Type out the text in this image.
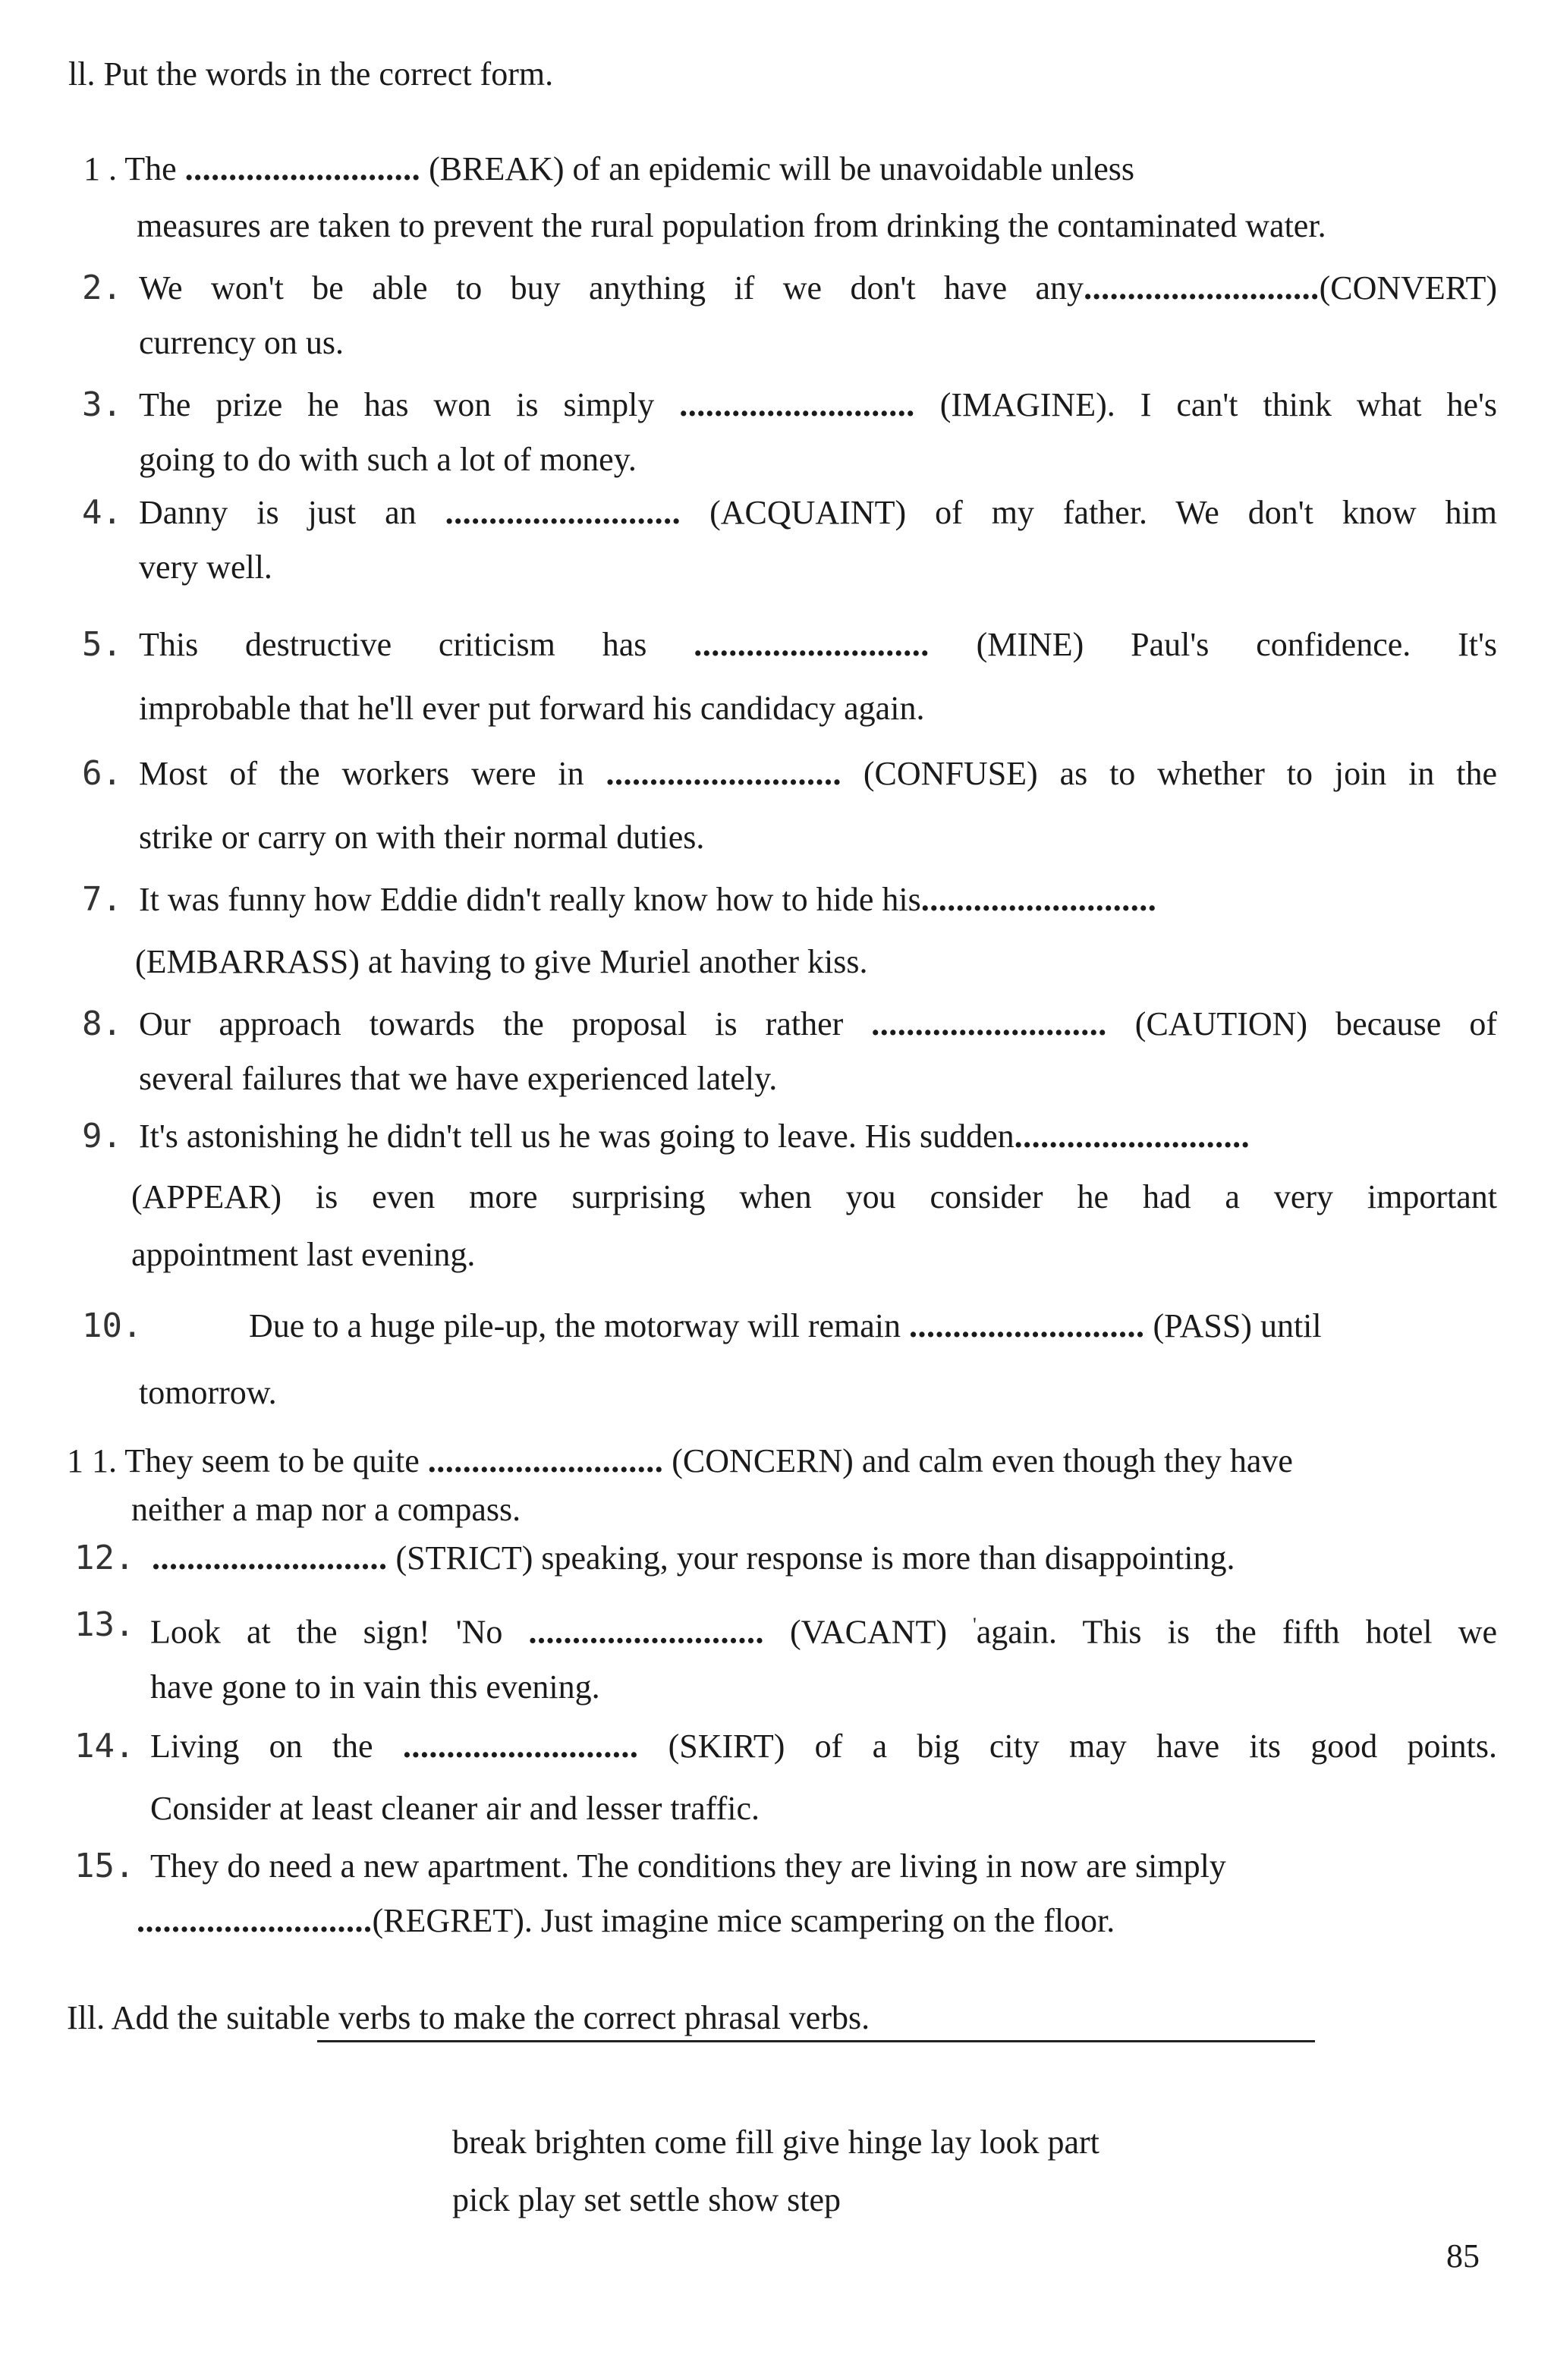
ll. Put the words in the correct form.
1 . The ........................... (BREAK) of an epidemic will be unavoidable unless
measures are taken to prevent the rural population from drinking the contaminated water.
2. We won't be able to buy anything if we don't have any...........................(CONVERT)
currency on us.
3. The prize he has won is simply ........................... (IMAGINE). I can't think what he's
going to do with such a lot of money.
4. Danny is just an ........................... (ACQUAINT) of my father. We don't know him
very well.
5. This destructive criticism has ........................... (MINE) Paul's confidence. It's
improbable that he'll ever put forward his candidacy again.
6. Most of the workers were in ........................... (CONFUSE) as to whether to join in the
strike or carry on with their normal duties.
7. It was funny how Eddie didn't really know how to hide his...........................
(EMBARRASS) at having to give Muriel another kiss.
8. Our approach towards the proposal is rather ........................... (CAUTION) because of
several failures that we have experienced lately.
9. It's astonishing he didn't tell us he was going to leave. His sudden...........................
(APPEAR) is even more surprising when you consider he had a very important
appointment last evening.
10.	Due to a huge pile-up, the motorway will remain ........................... (PASS) until
tomorrow.
1 1. They seem to be quite ........................... (CONCERN) and calm even though they have
neither a map nor a compass.
12. ........................... (STRICT) speaking, your response is more than disappointing.
13. Look at the sign! 'No ........................... (VACANT) 'again. This is the fifth hotel we
have gone to in vain this evening.
14. Living on the ........................... (SKIRT) of a big city may have its good points.
Consider at least cleaner air and lesser traffic.
15. They do need a new apartment. The conditions they are living in now are simply
...........................(REGRET). Just imagine mice scampering on the floor.
Ill. Add the suitable verbs to make the correct phrasal verbs.
break brighten come fill give hinge lay look part
pick play set settle show step
85
